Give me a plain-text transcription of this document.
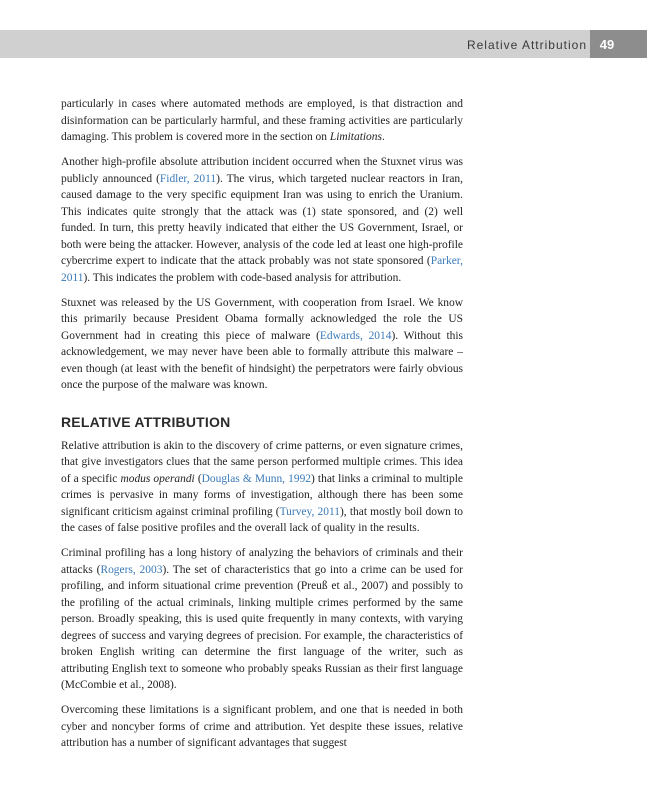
Relative Attribution 49

particularly in cases where automated methods are employed, is that distraction and disinformation can be particularly harmful, and these framing activities are particularly damaging. This problem is covered more in the section on Limitations.

Another high-profile absolute attribution incident occurred when the Stuxnet virus was publicly announced (Fidler, 2011). The virus, which targeted nuclear reactors in Iran, caused damage to the very specific equipment Iran was using to enrich the Uranium. This indicates quite strongly that the attack was (1) state sponsored, and (2) well funded. In turn, this pretty heavily indicated that either the US Government, Israel, or both were being the attacker. However, analysis of the code led at least one high-profile cybercrime expert to indicate that the attack probably was not state sponsored (Parker, 2011). This indicates the problem with code-based analysis for attribution.

Stuxnet was released by the US Government, with cooperation from Israel. We know this primarily because President Obama formally acknowledged the role the US Government had in creating this piece of malware (Edwards, 2014). Without this acknowledgement, we may never have been able to formally attribute this malware – even though (at least with the benefit of hindsight) the perpetrators were fairly obvious once the purpose of the malware was known.

RELATIVE ATTRIBUTION

Relative attribution is akin to the discovery of crime patterns, or even signature crimes, that give investigators clues that the same person performed multiple crimes. This idea of a specific modus operandi (Douglas & Munn, 1992) that links a criminal to multiple crimes is pervasive in many forms of investigation, although there has been some significant criticism against criminal profiling (Turvey, 2011), that mostly boil down to the cases of false positive profiles and the overall lack of quality in the results.

Criminal profiling has a long history of analyzing the behaviors of criminals and their attacks (Rogers, 2003). The set of characteristics that go into a crime can be used for profiling, and inform situational crime prevention (Preuß et al., 2007) and possibly to the profiling of the actual criminals, linking multiple crimes performed by the same person. Broadly speaking, this is used quite frequently in many contexts, with varying degrees of success and varying degrees of precision. For example, the characteristics of broken English writing can determine the first language of the writer, such as attributing English text to someone who probably speaks Russian as their first language (McCombie et al., 2008).

Overcoming these limitations is a significant problem, and one that is needed in both cyber and noncyber forms of crime and attribution. Yet despite these issues, relative attribution has a number of significant advantages that suggest
